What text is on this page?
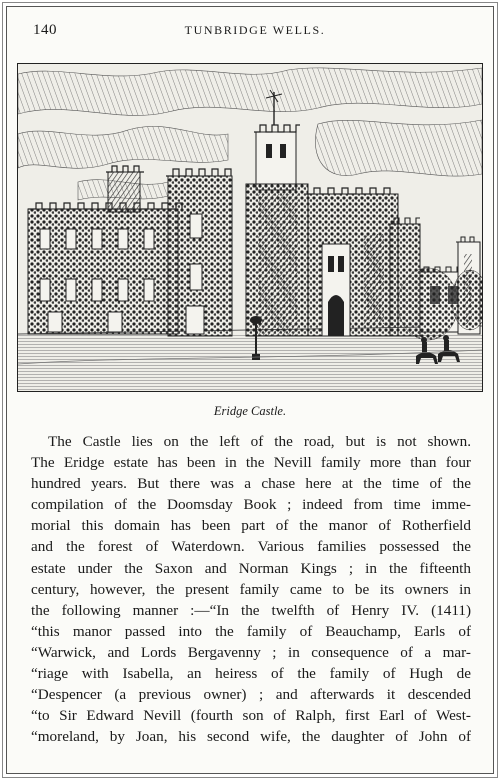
140	TUNBRIDGE WELLS.
Eridge Castle.
The Castle lies on the left of the road, but is not shown.
The Eridge estate has been in the Nevill family more than four
hundred years. But there was a chase here at the time of the
compilation of the Doomsday Book ; indeed from time imme-
morial this domain has been part of the manor of Rotherfield
and the forest of Waterdown. Various families possessed the
estate under the Saxon and Norman Kings ; in the fifteenth
century, however, the present family came to be its owners in
the following manner :—“In the twelfth of Henry IV. (1411)
“this manor passed into the family of Beauchamp, Earls of
“Warwick, and Lords Bergavenny ; in consequence of a mar-
“riage with Isabella, an heiress of the family of Hugh de
“Despencer (a previous owner) ; and afterwards it descended
“to Sir Edward Nevill (fourth son of Ralph, first Earl of West-
“moreland, by Joan, his second wife, the daughter of John of
